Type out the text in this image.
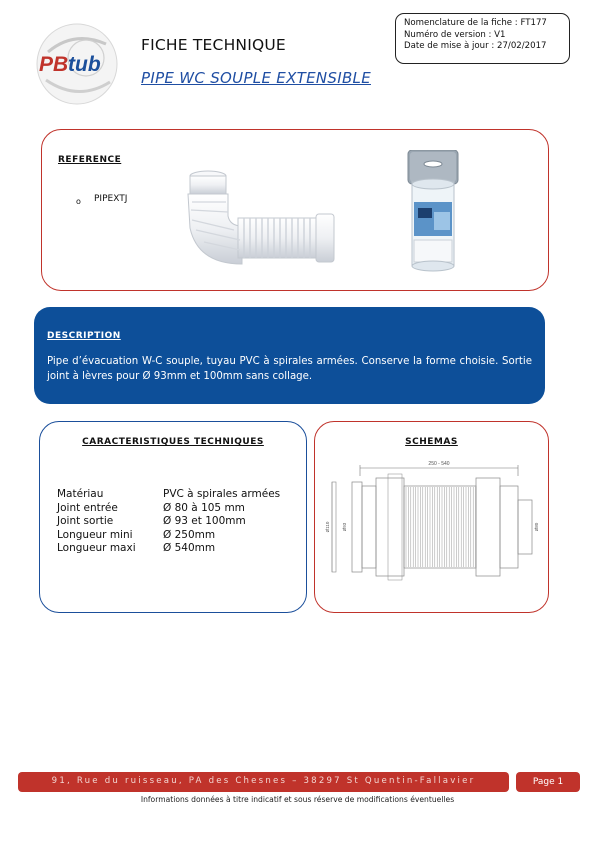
PB tub
FICHE TECHNIQUE
PIPE WC SOUPLE EXTENSIBLE
Nomenclature de la fiche : FT177
Numéro de version : V1
Date de mise à jour : 27/02/2017
REFERENCE
o PIPEXTJ
DESCRIPTION
Pipe d’évacuation W-C souple, tuyau PVC à spirales armées. Conserve la forme choisie. Sortie joint à lèvres pour Ø 93mm et 100mm sans collage.
CARACTERISTIQUES TECHNIQUES
Matériau	PVC à spirales armées
Joint entrée	Ø 80 à 105 mm
Joint sortie	Ø 93 et 100mm
Longueur mini	Ø 250mm
Longueur maxi	Ø 540mm
SCHEMAS
250 - 540
Ø110	Ø93	Ø80
91, Rue du ruisseau, PA des Chesnes – 38297 St Quentin-Fallavier	Page 1
Informations données à titre indicatif et sous réserve de modifications éventuelles
